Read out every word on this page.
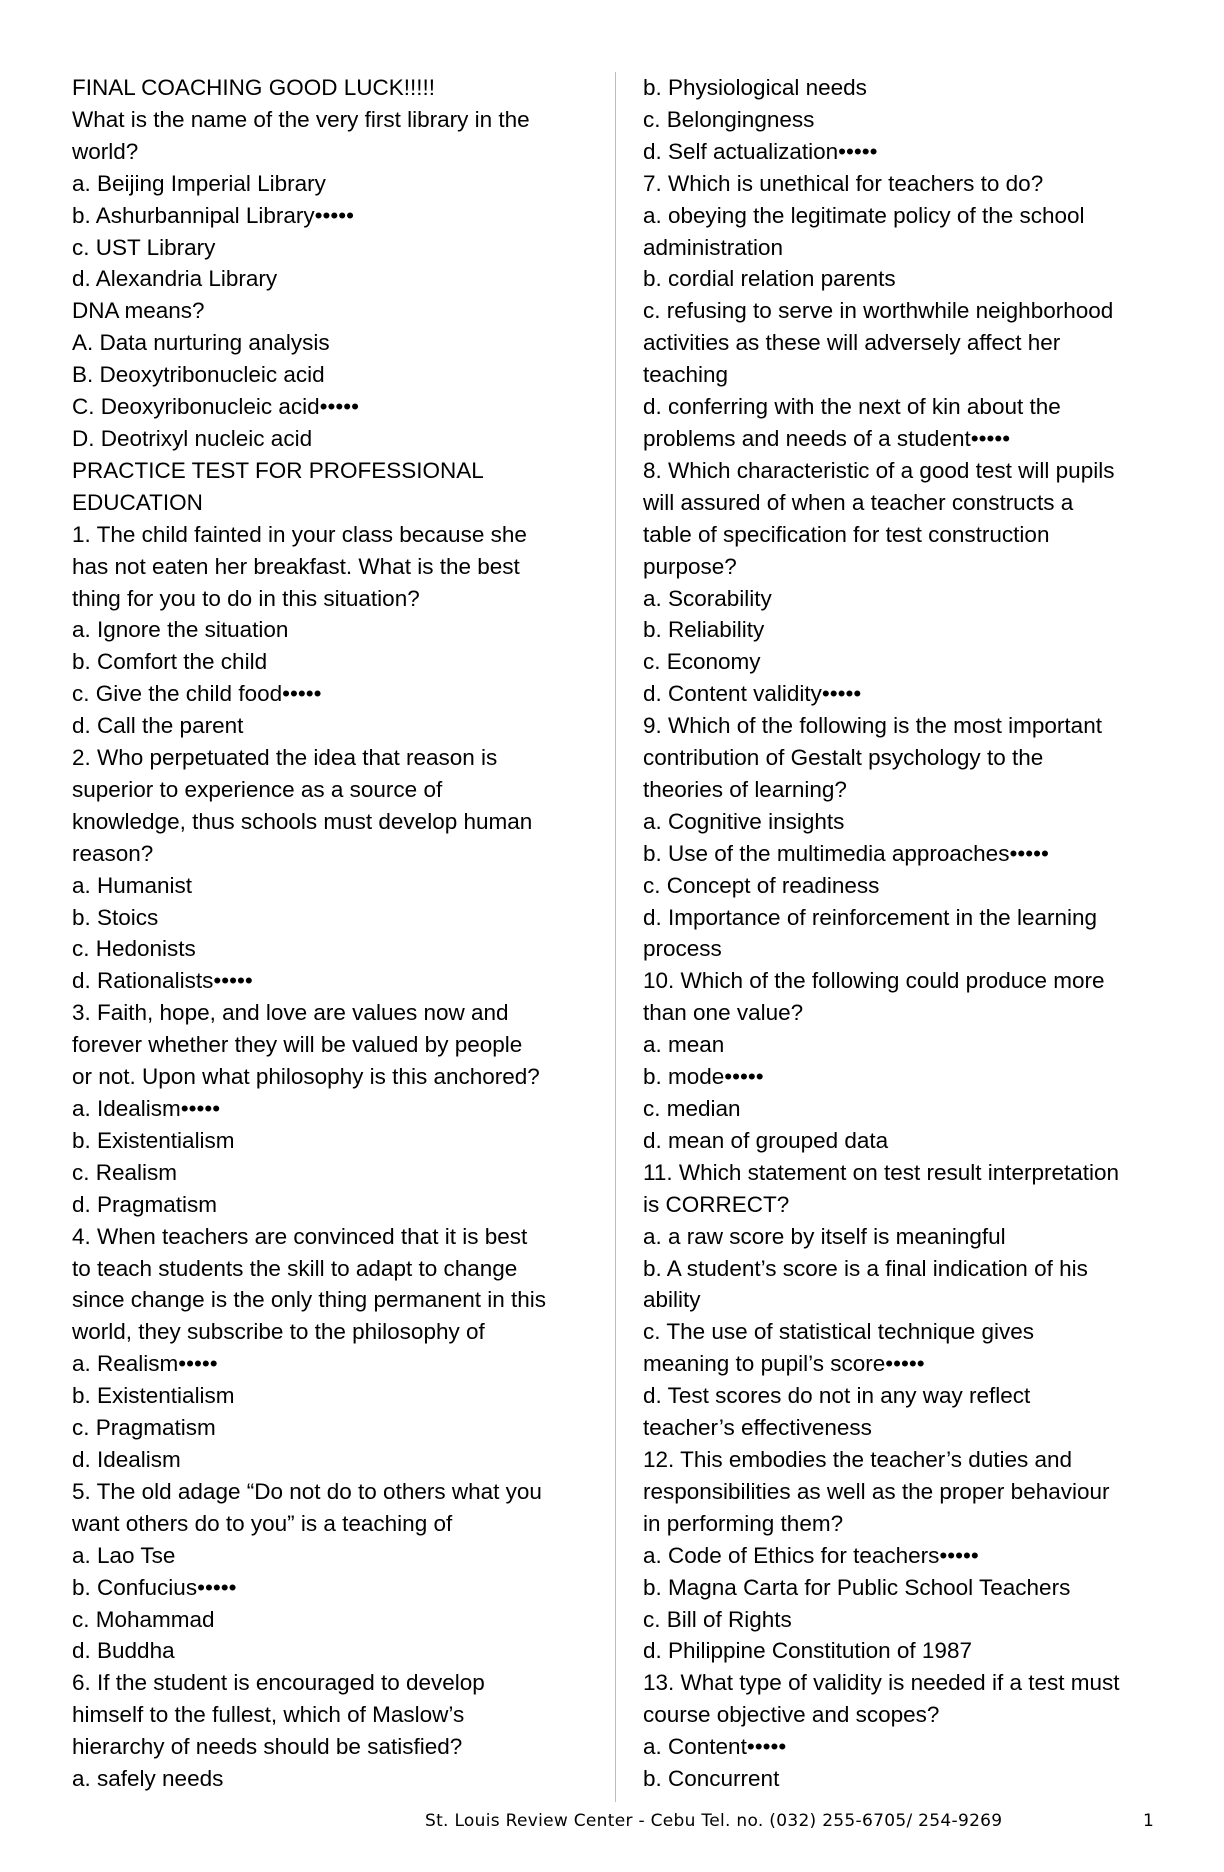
FINAL COACHING GOOD LUCK!!!!!
What is the name of the very first library in the
world?
a. Beijing Imperial Library
b. Ashurbannipal Library•••••
c. UST Library
d. Alexandria Library
DNA means?
A. Data nurturing analysis
B. Deoxytribonucleic acid
C. Deoxyribonucleic acid•••••
D. Deotrixyl nucleic acid
PRACTICE TEST FOR PROFESSIONAL
EDUCATION
1. The child fainted in your class because she
has not eaten her breakfast. What is the best
thing for you to do in this situation?
a. Ignore the situation
b. Comfort the child
c. Give the child food•••••
d. Call the parent
2. Who perpetuated the idea that reason is
superior to experience as a source of
knowledge, thus schools must develop human
reason?
a. Humanist
b. Stoics
c. Hedonists
d. Rationalists•••••
3. Faith, hope, and love are values now and
forever whether they will be valued by people
or not. Upon what philosophy is this anchored?
a. Idealism•••••
b. Existentialism
c. Realism
d. Pragmatism
4. When teachers are convinced that it is best
to teach students the skill to adapt to change
since change is the only thing permanent in this
world, they subscribe to the philosophy of
a. Realism•••••
b. Existentialism
c. Pragmatism
d. Idealism
5. The old adage “Do not do to others what you
want others do to you” is a teaching of
a. Lao Tse
b. Confucius•••••
c. Mohammad
d. Buddha
6. If the student is encouraged to develop
himself to the fullest, which of Maslow’s
hierarchy of needs should be satisfied?
a. safely needs
b. Physiological needs
c. Belongingness
d. Self actualization•••••
7. Which is unethical for teachers to do?
a. obeying the legitimate policy of the school
administration
b. cordial relation parents
c. refusing to serve in worthwhile neighborhood
activities as these will adversely affect her
teaching
d. conferring with the next of kin about the
problems and needs of a student•••••
8. Which characteristic of a good test will pupils
will assured of when a teacher constructs a
table of specification for test construction
purpose?
a. Scorability
b. Reliability
c. Economy
d. Content validity•••••
9. Which of the following is the most important
contribution of Gestalt psychology to the
theories of learning?
a. Cognitive insights
b. Use of the multimedia approaches•••••
c. Concept of readiness
d. Importance of reinforcement in the learning
process
10. Which of the following could produce more
than one value?
a. mean
b. mode•••••
c. median
d. mean of grouped data
11. Which statement on test result interpretation
is CORRECT?
a. a raw score by itself is meaningful
b. A student’s score is a final indication of his
ability
c. The use of statistical technique gives
meaning to pupil’s score•••••
d. Test scores do not in any way reflect
teacher’s effectiveness
12. This embodies the teacher’s duties and
responsibilities as well as the proper behaviour
in performing them?
a. Code of Ethics for teachers•••••
b. Magna Carta for Public School Teachers
c. Bill of Rights
d. Philippine Constitution of 1987
13. What type of validity is needed if a test must
course objective and scopes?
a. Content•••••
b. Concurrent
St. Louis Review Center - Cebu Tel. no. (032) 255-6705/ 254-9269	1
